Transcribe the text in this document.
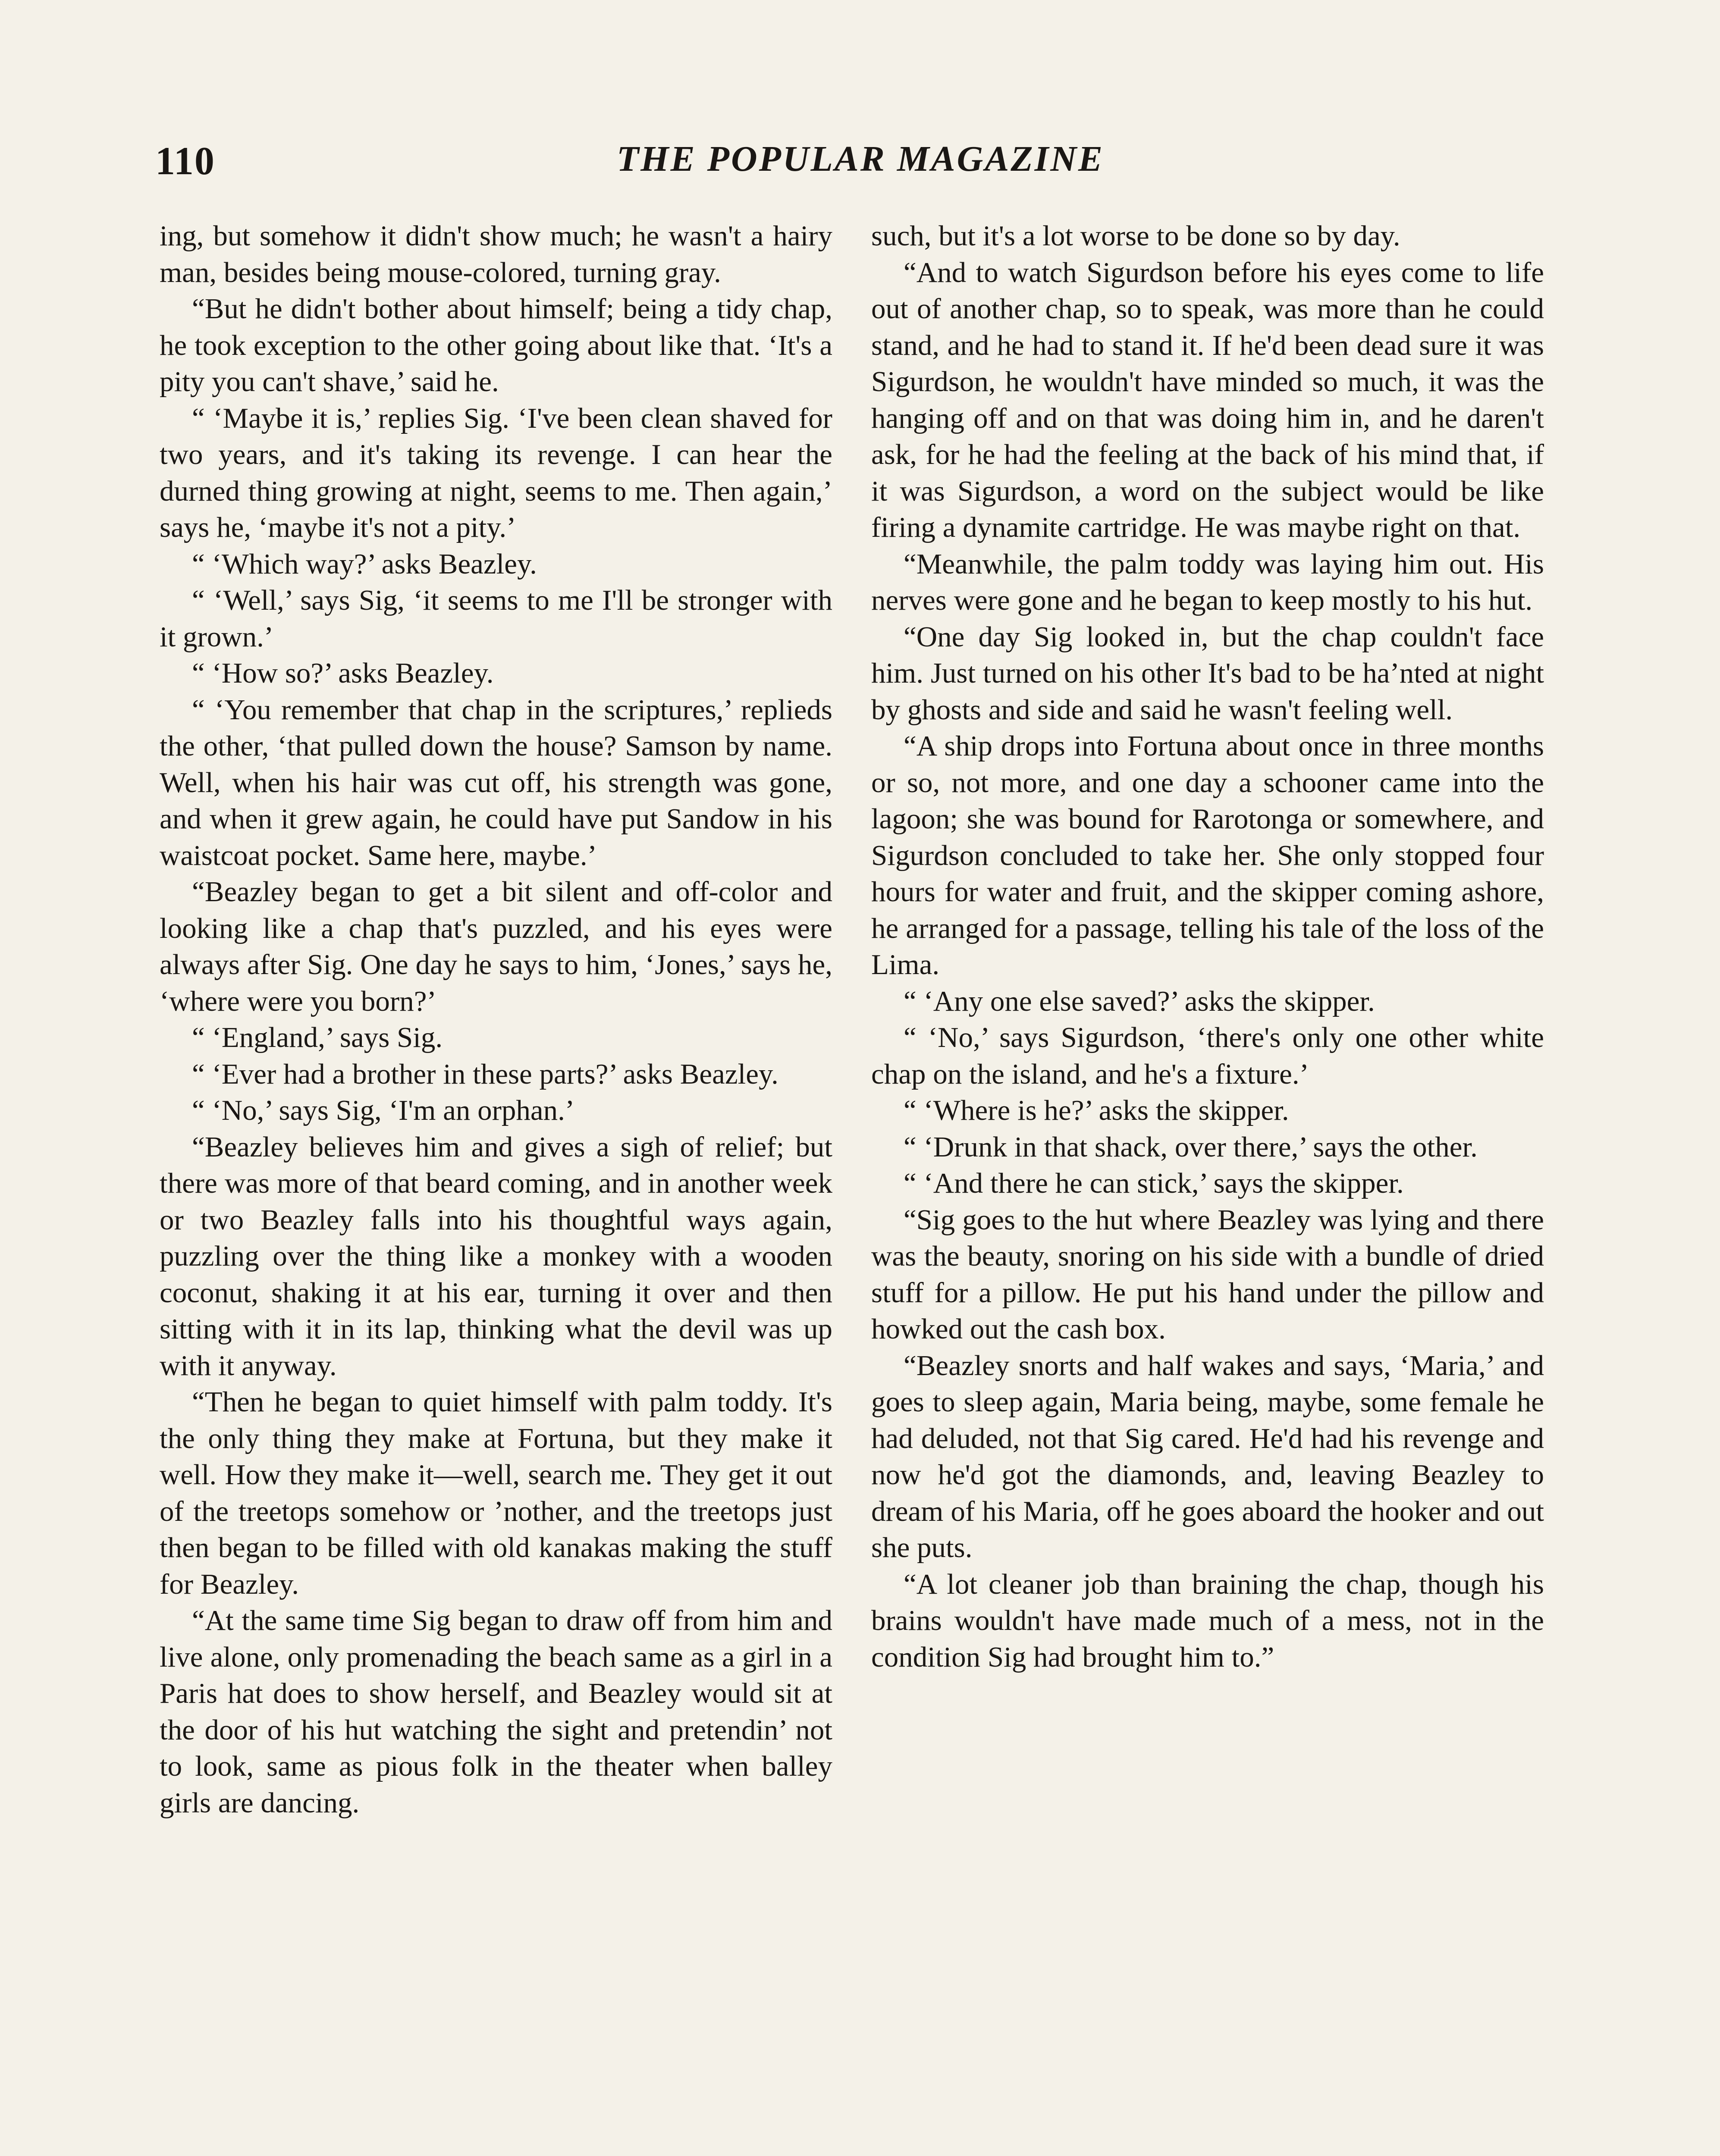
110	THE POPULAR MAGAZINE

ing, but somehow it didn't show much; he wasn't a hairy man, besides being mouse-colored, turning gray.

“But he didn't bother about himself; being a tidy chap, he took exception to the other going about like that. ‘It's a pity you can't shave,’ said he.

“ ‘Maybe it is,’ replies Sig. ‘I've been clean shaved for two years, and it's taking its revenge. I can hear the durned thing growing at night, seems to me. Then again,’ says he, ‘maybe it's not a pity.’

“ ‘Which way?’ asks Beazley.

“ ‘Well,’ says Sig, ‘it seems to me I'll be stronger with it grown.’

“ ‘How so?’ asks Beazley.

“ ‘You remember that chap in the scriptures,’ replieds the other, ‘that pulled down the house? Samson by name. Well, when his hair was cut off, his strength was gone, and when it grew again, he could have put Sandow in his waistcoat pocket. Same here, maybe.’

“Beazley began to get a bit silent and off-color and looking like a chap that's puzzled, and his eyes were always after Sig. One day he says to him, ‘Jones,’ says he, ‘where were you born?’

“ ‘England,’ says Sig.

“ ‘Ever had a brother in these parts?’ asks Beazley.

“ ‘No,’ says Sig, ‘I'm an orphan.’

“Beazley believes him and gives a sigh of relief; but there was more of that beard coming, and in another week or two Beazley falls into his thoughtful ways again, puzzling over the thing like a monkey with a wooden coconut, shaking it at his ear, turning it over and then sitting with it in its lap, thinking what the devil was up with it anyway.

“Then he began to quiet himself with palm toddy. It's the only thing they make at Fortuna, but they make it well. How they make it—well, search me. They get it out of the treetops somehow or ’nother, and the treetops just then began to be filled with old kanakas making the stuff for Beazley.

“At the same time Sig began to draw off from him and live alone, only promenading the beach same as a girl in a Paris hat does to show herself, and Beazley would sit at the door of his hut watching the sight and pretendin’ not to look, same as pious folk in the theater when balley girls are dancing.

such, but it's a lot worse to be done so by day.

“And to watch Sigurdson before his eyes come to life out of another chap, so to speak, was more than he could stand, and he had to stand it. If he'd been dead sure it was Sigurdson, he wouldn't have minded so much, it was the hanging off and on that was doing him in, and he daren't ask, for he had the feeling at the back of his mind that, if it was Sigurdson, a word on the subject would be like firing a dynamite cartridge. He was maybe right on that.

“Meanwhile, the palm toddy was laying him out. His nerves were gone and he began to keep mostly to his hut.

“One day Sig looked in, but the chap couldn't face him. Just turned on his other It's bad to be ha’nted at night by ghosts and side and said he wasn't feeling well.

“A ship drops into Fortuna about once in three months or so, not more, and one day a schooner came into the lagoon; she was bound for Rarotonga or somewhere, and Sigurdson concluded to take her. She only stopped four hours for water and fruit, and the skipper coming ashore, he arranged for a passage, telling his tale of the loss of the Lima.

“ ‘Any one else saved?’ asks the skipper.

“ ‘No,’ says Sigurdson, ‘there's only one other white chap on the island, and he's a fixture.’

“ ‘Where is he?’ asks the skipper.

“ ‘Drunk in that shack, over there,’ says the other.

“ ‘And there he can stick,’ says the skipper.

“Sig goes to the hut where Beazley was lying and there was the beauty, snoring on his side with a bundle of dried stuff for a pillow. He put his hand under the pillow and howked out the cash box.

“Beazley snorts and half wakes and says, ‘Maria,’ and goes to sleep again, Maria being, maybe, some female he had deluded, not that Sig cared. He'd had his revenge and now he'd got the diamonds, and, leaving Beazley to dream of his Maria, off he goes aboard the hooker and out she puts.

“A lot cleaner job than braining the chap, though his brains wouldn't have made much of a mess, not in the condition Sig had brought him to.”
